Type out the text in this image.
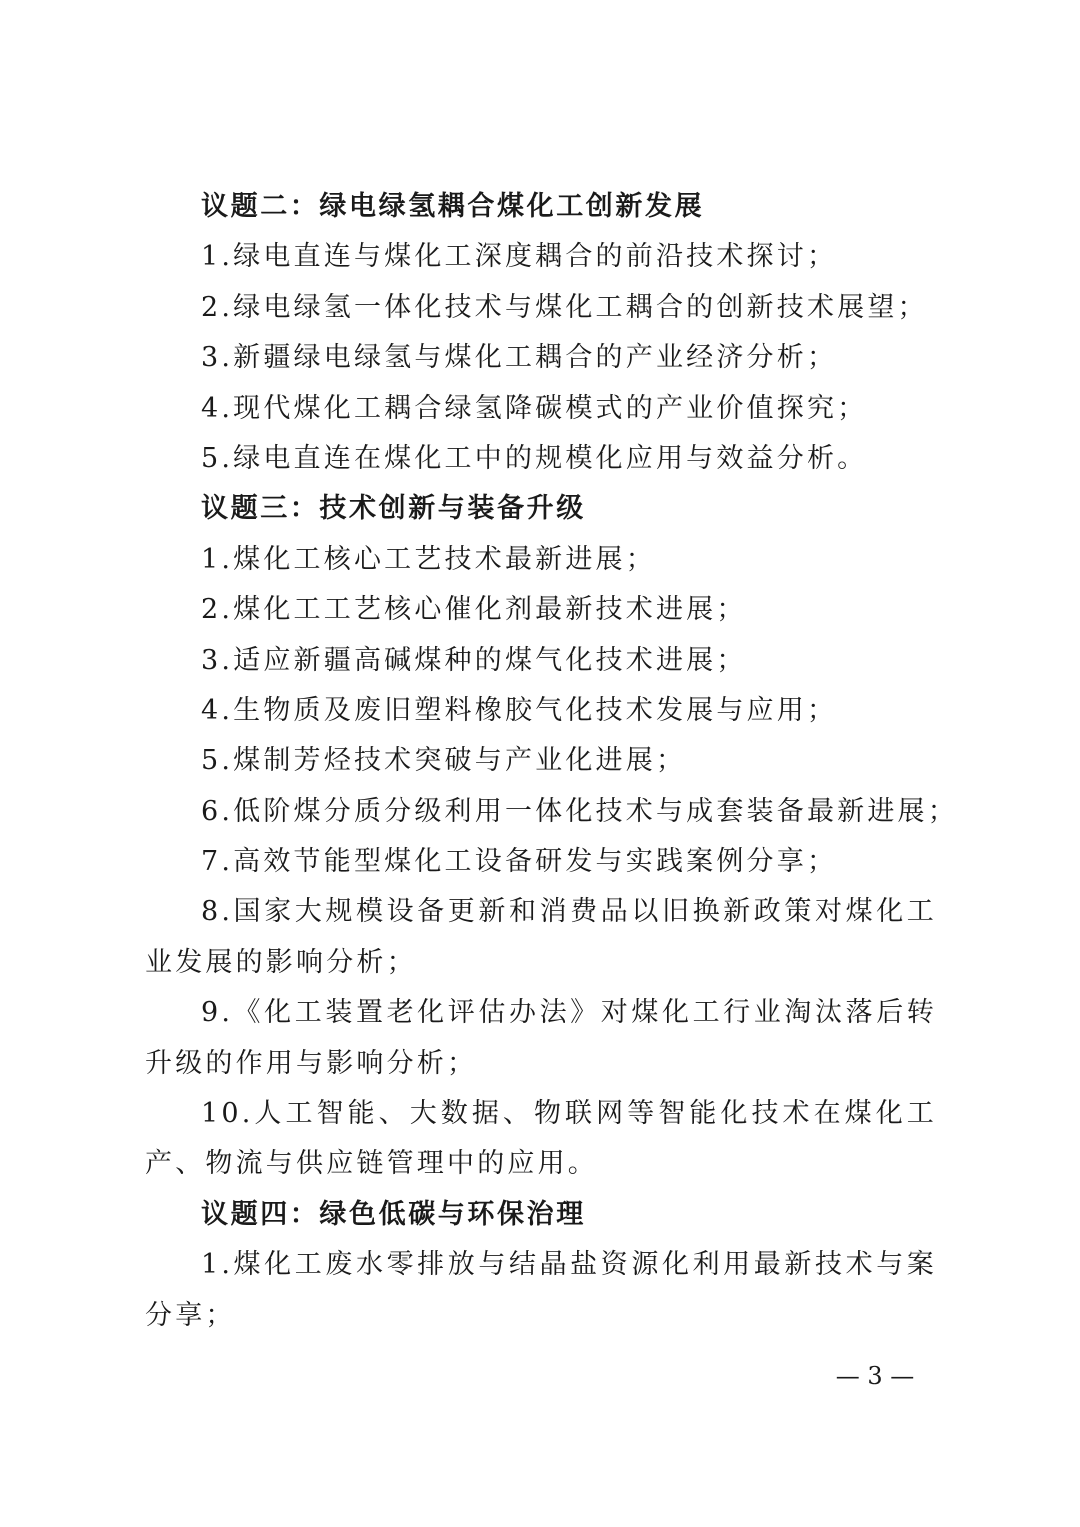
议题二：绿电绿氢耦合煤化工创新发展
1.绿电直连与煤化工深度耦合的前沿技术探讨；
2.绿电绿氢一体化技术与煤化工耦合的创新技术展望；
3.新疆绿电绿氢与煤化工耦合的产业经济分析；
4.现代煤化工耦合绿氢降碳模式的产业价值探究；
5.绿电直连在煤化工中的规模化应用与效益分析。
议题三：技术创新与装备升级
1.煤化工核心工艺技术最新进展；
2.煤化工工艺核心催化剂最新技术进展；
3.适应新疆高碱煤种的煤气化技术进展；
4.生物质及废旧塑料橡胶气化技术发展与应用；
5.煤制芳烃技术突破与产业化进展；
6.低阶煤分质分级利用一体化技术与成套装备最新进展；
7.高效节能型煤化工设备研发与实践案例分享；
8.国家大规模设备更新和消费品以旧换新政策对煤化工
业发展的影响分析；
9.《化工装置老化评估办法》对煤化工行业淘汰落后转
升级的作用与影响分析；
10.人工智能、大数据、物联网等智能化技术在煤化工
产、物流与供应链管理中的应用。
议题四：绿色低碳与环保治理
1.煤化工废水零排放与结晶盐资源化利用最新技术与案
分享；
— 3 —
